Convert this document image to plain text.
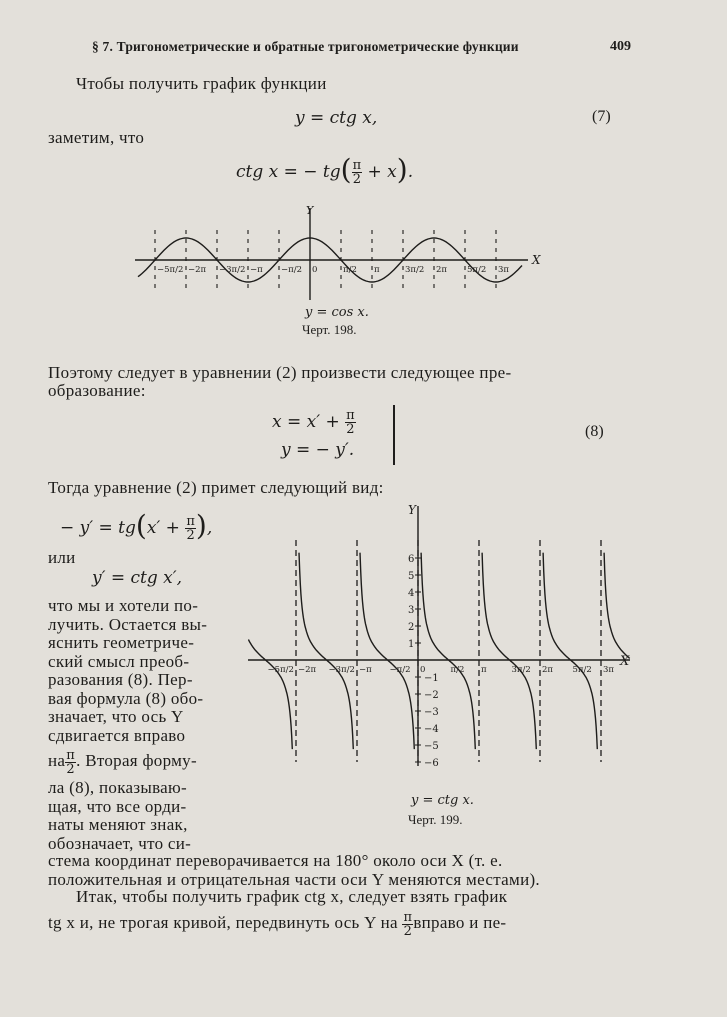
§ 7. Тригонометрические и обратные тригонометрические функции	409
Чтобы получить график функции
y = ctg x,	(7)
заметим, что
ctg x = − $tg( \frac{\pi}{2} + x)$.
−5π/2 −2π −3π/2 −π −π/2 0	π/2 π	3π/2 2π 5π/2 3π
X
Y
y = cos x.
Черт. 198.
Поэтому следует в уравнении (2) произвести следующее пре-
образование:
$x = x' + \frac{\pi}{2}$
y = − y′.
(8)
Тогда уравнение (2) примет следующий вид:
− $y' = tg(x' + \frac{\pi}{2}$ ),
или
y′ = ctg x′,
что мы и хотели по-
лучить. Остается вы-
яснить геометриче-
ский смысл преоб-
разования (8). Пер-
вая формула (8) обо-
значает, что ось Y
сдвигается вправо
на $\frac{\pi}{2}$ . Вторая форму-
ла (8), показываю-
щая, что все орди-
наты меняют знак,
обозначает, что си-
6
5
4
3
2
1
−1
−2
−3
−4
−5
−6
−5π/2 −2π −3π/2 −π −π/2 0	π/2 π	3π/2 2π 5π/2 3π
X
Y
y = ctg x.
Черт. 199.
стема координат переворачивается на 180° около оси X (т. е.
положительная и отрицательная части оси Y меняются местами).
Итак, чтобы получить график ctg x, следует взять график
tg x и, не трогая кривой, передвинуть ось Y на $\frac{\pi}{2}$ вправо и пе-
